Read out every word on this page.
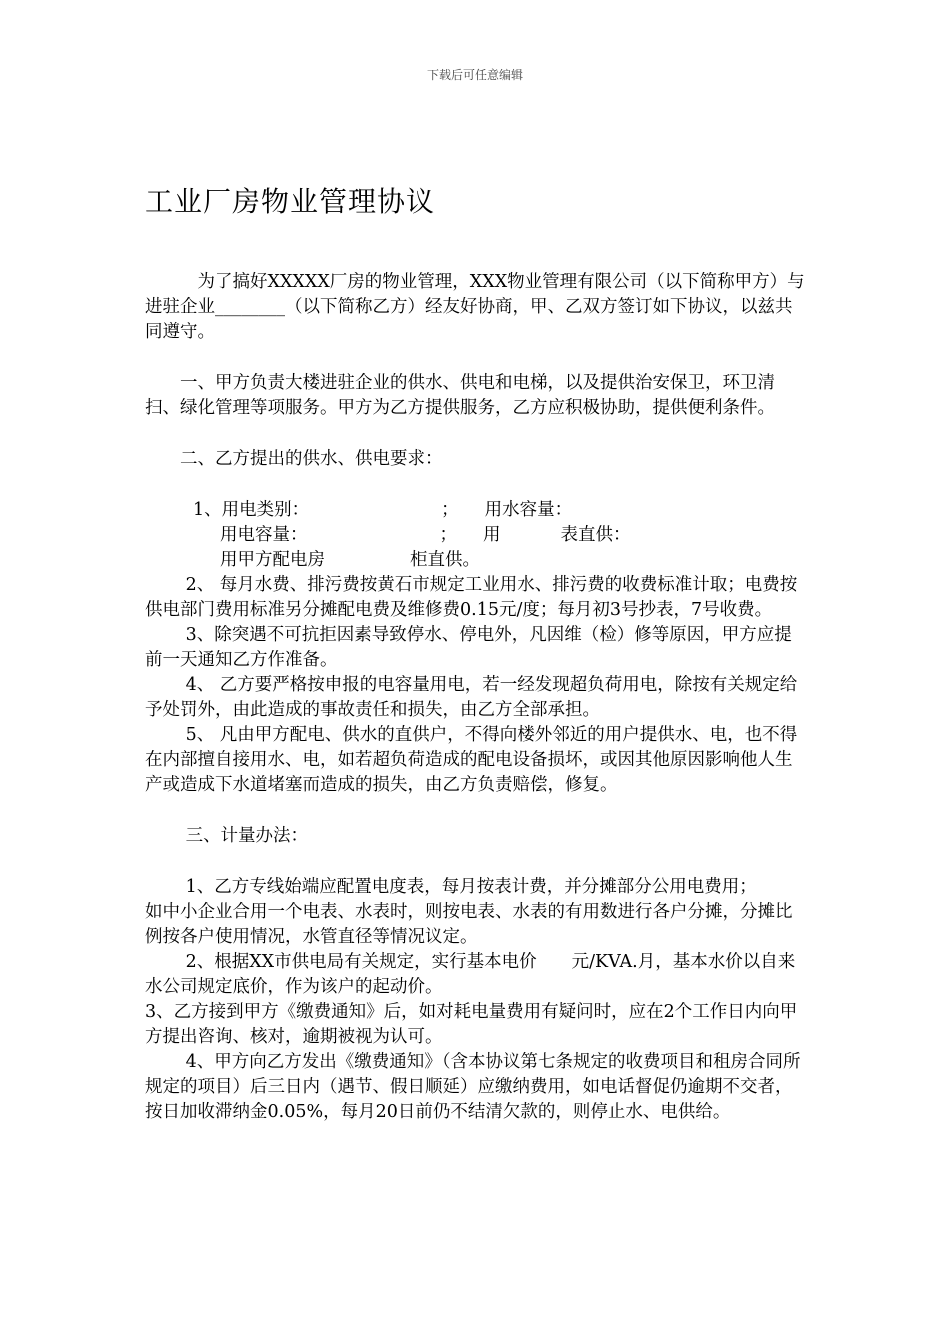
下载后可任意编辑
工业厂房物业管理协议

　　　为了搞好XXXXX厂房的物业管理，XXX物业管理有限公司（以下简称甲方）与进驻企业________（以下简称乙方）经友好协商，甲、乙双方签订如下协议，以兹共同遵守。

　　一、甲方负责大楼进驻企业的供水、供电和电梯，以及提供治安保卫，环卫清扫、绿化管理等项服务。甲方为乙方提供服务，乙方应积极协助，提供便利条件。

　　二、乙方提出的供水、供电要求：

1、 用电类别：	； 用水容量：
用电容量：	； 用	表直供：
用甲方配电房	柜直供。

　　 2、 每月水费、排污费按黄石市规定工业用水、排污费的收费标准计取；电费按供电部门费用标准另分摊配电费及维修费0.15元/度；每月初3号抄表，7号收费。

　　 3、除突遇不可抗拒因素导致停水、停电外，凡因维（检）修等原因，甲方应提前一天通知乙方作准备。

　　 4、 乙方要严格按申报的电容量用电，若一经发现超负荷用电，除按有关规定给予处罚外，由此造成的事故责任和损失，由乙方全部承担。

　　 5、 凡由甲方配电、供水的直供户，不得向楼外邻近的用户提供水、电，也不得在内部擅自接用水、电，如若超负荷造成的配电设备损坏，或因其他原因影响他人生产或造成下水道堵塞而造成的损失，由乙方负责赔偿，修复。

　　 三、计量办法：

　　 1、乙方专线始端应配置电度表，每月按表计费，并分摊部分公用电费用；　　 如中小企业合用一个电表、水表时，则按电表、水表的有用数进行各户分摊，分摊比例按各户使用情况，水管直径等情况议定。

　　 2、根据XX市供电局有关规定，实行基本电价　　元/KVA.月，基本水价以自来水公司规定底价，作为该户的起动价。

3、乙方接到甲方《缴费通知》后，如对耗电量费用有疑问时，应在2个工作日内向甲方提出咨询、核对，逾期被视为认可。

　　 4、甲方向乙方发出《缴费通知》（含本协议第七条规定的收费项目和租房合同所规定的项目）后三日内（遇节、假日顺延）应缴纳费用，如电话督促仍逾期不交者，按日加收滞纳金0.05%，每月20日前仍不结清欠款的，则停止水、电供给。
